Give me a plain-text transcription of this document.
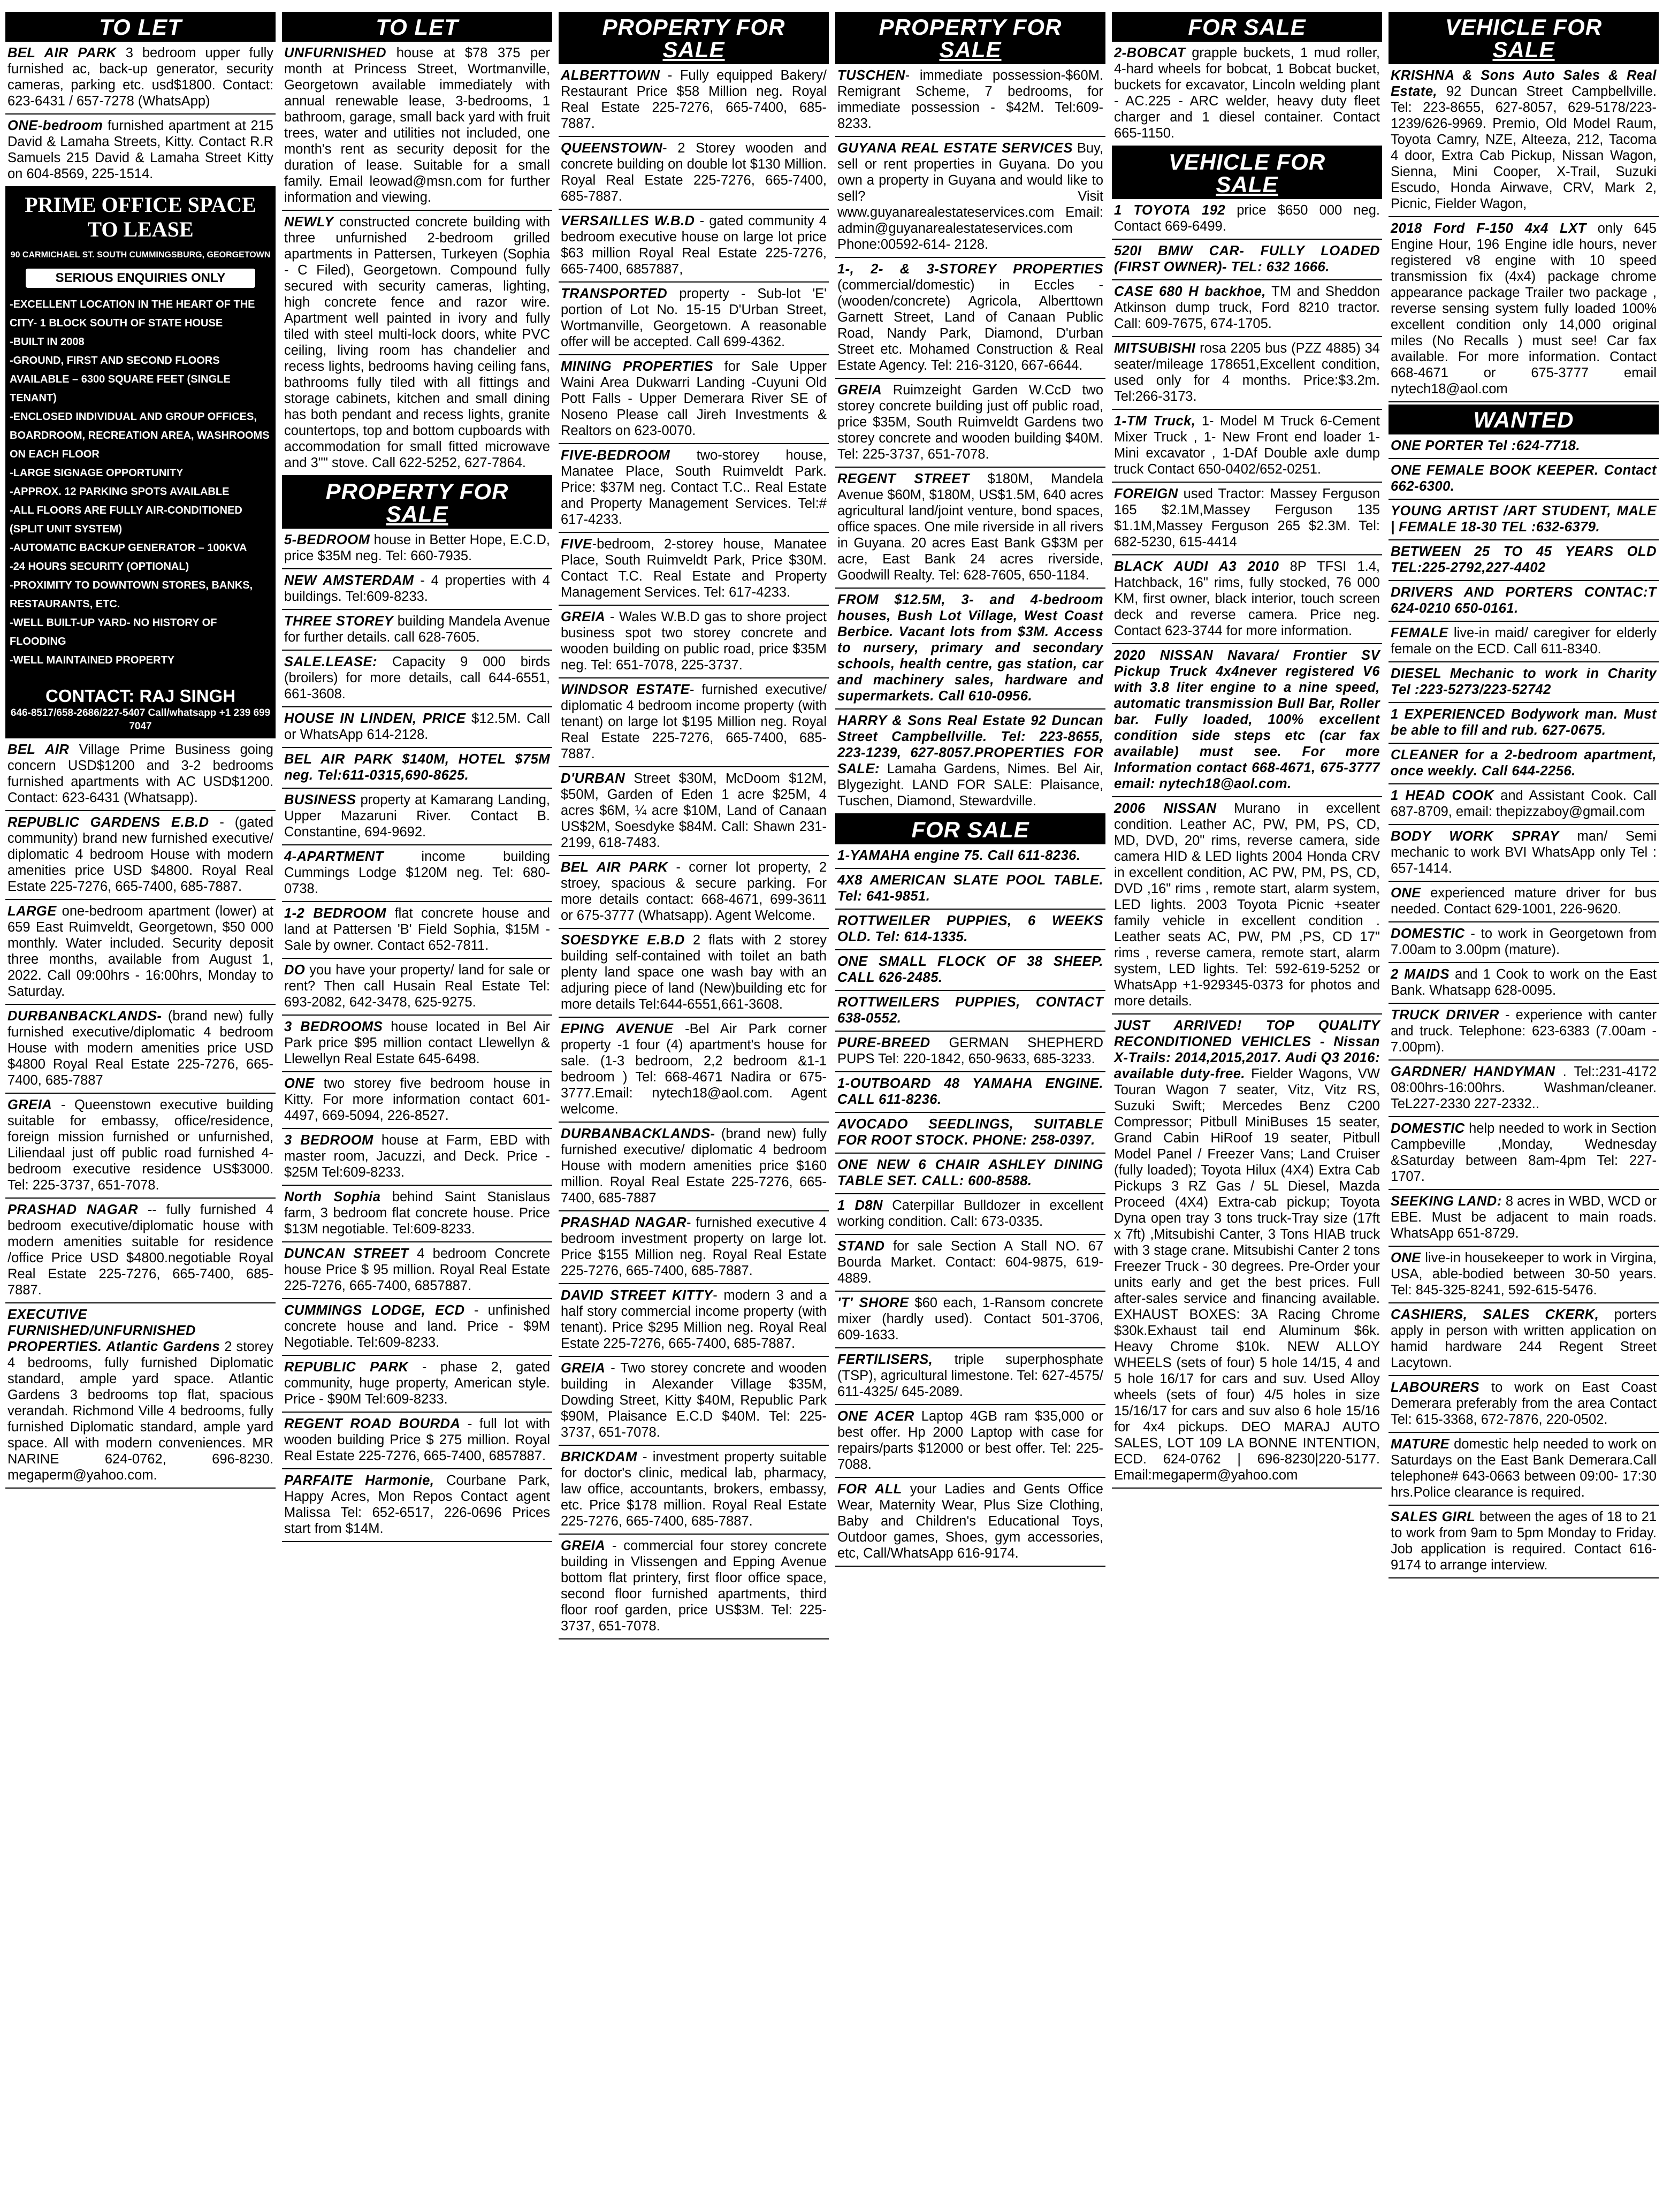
TO LET

BEL AIR PARK 3 bedroom upper fully furnished ac, back-up generator, security cameras, parking etc. usd$1800. Contact: 623-6431 / 657-7278 (WhatsApp)

ONE-bedroom furnished apartment at 215 David & Lamaha Streets, Kitty. Contact R.R Samuels 215 David & Lamaha Street Kitty on 604-8569, 225-1514.

PRIME OFFICE SPACE TO LEASE
90 CARMICHAEL ST. SOUTH CUMMINGSBURG, GEORGETOWN
SERIOUS ENQUIRIES ONLY
-EXCELLENT LOCATION IN THE HEART OF THE CITY- 1 BLOCK SOUTH OF STATE HOUSE
-BUILT IN 2008
-GROUND, FIRST AND SECOND FLOORS AVAILABLE – 6300 SQUARE FEET (SINGLE TENANT)
-ENCLOSED INDIVIDUAL AND GROUP OFFICES, BOARDROOM, RECREATION AREA, WASHROOMS ON EACH FLOOR
-LARGE SIGNAGE OPPORTUNITY
-APPROX. 12 PARKING SPOTS AVAILABLE
-ALL FLOORS ARE FULLY AIR-CONDITIONED (SPLIT UNIT SYSTEM)
-AUTOMATIC BACKUP GENERATOR – 100KVA
-24 HOURS SECURITY (OPTIONAL)
-PROXIMITY TO DOWNTOWN STORES, BANKS, RESTAURANTS, ETC.
-WELL BUILT-UP YARD- NO HISTORY OF FLOODING
-WELL MAINTAINED PROPERTY
CONTACT: RAJ SINGH
646-8517/658-2686/227-5407 Call/whatsapp +1 239 699 7047

BEL AIR Village Prime Business going concern USD$1200 and 3-2 bedrooms furnished apartments with AC USD$1200. Contact: 623-6431 (Whatsapp).

REPUBLIC GARDENS E.B.D - (gated community) brand new furnished executive/ diplomatic 4 bedroom House with modern amenities price USD $4800. Royal Real Estate 225-7276, 665-7400, 685-7887.

LARGE one-bedroom apartment (lower) at 659 East Ruimveldt, Georgetown, $50 000 monthly. Water included. Security deposit three months, available from August 1, 2022. Call 09:00hrs - 16:00hrs, Monday to Saturday.

DURBANBACKLANDS- (brand new) fully furnished executive/diplomatic 4 bedroom House with modern amenities price USD $4800 Royal Real Estate 225-7276, 665-7400, 685-7887

GREIA - Queenstown executive building suitable for embassy, office/residence, foreign mission furnished or unfurnished, Liliendaal just off public road furnished 4-bedroom executive residence US$3000. Tel: 225-3737, 651-7078.

PRASHAD NAGAR -- fully furnished 4 bedroom executive/diplomatic house with modern amenities suitable for residence /office Price USD $4800.negotiable Royal Real Estate 225-7276, 665-7400, 685-7887.

EXECUTIVE FURNISHED/UNFURNISHED PROPERTIES. Atlantic Gardens 2 storey 4 bedrooms, fully furnished Diplomatic standard, ample yard space. Atlantic Gardens 3 bedrooms top flat, spacious verandah. Richmond Ville 4 bedrooms, fully furnished Diplomatic standard, ample yard space. All with modern conveniences. MR NARINE 624-0762, 696-8230. megaperm@yahoo.com.

TO LET

UNFURNISHED house at $78 375 per month at Princess Street, Wortmanville, Georgetown available immediately with annual renewable lease, 3-bedrooms, 1 bathroom, garage, small back yard with fruit trees, water and utilities not included, one month's rent as security deposit for the duration of lease. Suitable for a small family. Email leowad@msn.com for further information and viewing.

NEWLY constructed concrete building with three unfurnished 2-bedroom grilled apartments in Pattersen, Turkeyen (Sophia - C Filed), Georgetown. Compound fully secured with security cameras, lighting, high concrete fence and razor wire. Apartment well painted in ivory and fully tiled with steel multi-lock doors, white PVC ceiling, living room has chandelier and recess lights, bedrooms having ceiling fans, bathrooms fully tiled with all fittings and storage cabinets, kitchen and small dining has both pendant and recess lights, granite countertops, top and bottom cupboards with accommodation for small fitted microwave and 3"" stove. Call 622-5252, 627-7864.

PROPERTY FOR
SALE

5-BEDROOM house in Better Hope, E.C.D, price $35M neg. Tel: 660-7935.

NEW AMSTERDAM - 4 properties with 4 buildings. Tel:609-8233.

THREE STOREY building Mandela Avenue for further details. call 628-7605.

SALE.LEASE: Capacity 9 000 birds (broilers) for more details, call 644-6551, 661-3608.

HOUSE IN LINDEN, PRICE $12.5M. Call or WhatsApp 614-2128.

BEL AIR PARK $140M, HOTEL $75M neg. Tel:611-0315,690-8625.

BUSINESS property at Kamarang Landing, Upper Mazaruni River. Contact B. Constantine, 694-9692.

4-APARTMENT income building Cummings Lodge $120M neg. Tel: 680-0738.

1-2 BEDROOM flat concrete house and land at Pattersen 'B' Field Sophia, $15M - Sale by owner. Contact 652-7811.

DO you have your property/ land for sale or rent? Then call Husain Real Estate Tel: 693-2082, 642-3478, 625-9275.

3 BEDROOMS house located in Bel Air Park price $95 million contact Llewellyn & Llewellyn Real Estate 645-6498.

ONE two storey five bedroom house in Kitty. For more information contact 601-4497, 669-5094, 226-8527.

3 BEDROOM house at Farm, EBD with master room, Jacuzzi, and Deck. Price - $25M Tel:609-8233.

North Sophia behind Saint Stanislaus farm, 3 bedroom flat concrete house. Price $13M negotiable. Tel:609-8233.

DUNCAN STREET 4 bedroom Concrete house Price $ 95 million. Royal Real Estate 225-7276, 665-7400, 6857887.

CUMMINGS LODGE, ECD - unfinished concrete house and land. Price - $9M Negotiable. Tel:609-8233.

REPUBLIC PARK - phase 2, gated community, huge property, American style. Price - $90M Tel:609-8233.

REGENT ROAD BOURDA - full lot with wooden building Price $ 275 million. Royal Real Estate 225-7276, 665-7400, 6857887.

PARFAITE Harmonie, Courbane Park, Happy Acres, Mon Repos Contact agent Malissa Tel: 652-6517, 226-0696 Prices start from $14M.

PROPERTY FOR
SALE

ALBERTTOWN - Fully equipped Bakery/ Restaurant Price $58 Million neg. Royal Real Estate 225-7276, 665-7400, 685-7887.

QUEENSTOWN- 2 Storey wooden and concrete building on double lot $130 Million. Royal Real Estate 225-7276, 665-7400, 685-7887.

VERSAILLES W.B.D - gated community 4 bedroom executive house on large lot price $63 million Royal Real Estate 225-7276, 665-7400, 6857887,

TRANSPORTED property - Sub-lot 'E' portion of Lot No. 15-15 D'Urban Street, Wortmanville, Georgetown. A reasonable offer will be accepted. Call 699-4362.

MINING PROPERTIES for Sale Upper Waini Area Dukwarri Landing -Cuyuni Old Pott Falls - Upper Demerara River SE of Noseno Please call Jireh Investments & Realtors on 623-0070.

FIVE-BEDROOM two-storey house, Manatee Place, South Ruimveldt Park. Price: $37M neg. Contact T.C.. Real Estate and Property Management Services. Tel:# 617-4233.

FIVE-bedroom, 2-storey house, Manatee Place, South Ruimveldt Park, Price $30M. Contact T.C. Real Estate and Property Management Services. Tel: 617-4233.

GREIA - Wales W.B.D gas to shore project business spot two storey concrete and wooden building on public road, price $35M neg. Tel: 651-7078, 225-3737.

WINDSOR ESTATE- furnished executive/ diplomatic 4 bedroom income property (with tenant) on large lot $195 Million neg. Royal Real Estate 225-7276, 665-7400, 685-7887.

D'URBAN Street $30M, McDoom $12M, $50M, Garden of Eden 1 acre $25M, 4 acres $6M, ¼ acre $10M, Land of Canaan US$2M, Soesdyke $84M. Call: Shawn 231-2199, 618-7483.

BEL AIR PARK - corner lot property, 2 stroey, spacious & secure parking. For more details contact: 668-4671, 699-3611 or 675-3777 (Whatsapp). Agent Welcome.

SOESDYKE E.B.D 2 flats with 2 storey building self-contained with toilet an bath plenty land space one wash bay with an adjuring piece of land (New)building etc for more details Tel:644-6551,661-3608.

EPING AVENUE -Bel Air Park corner property -1 four (4) apartment's house for sale. (1-3 bedroom, 2,2 bedroom &1-1 bedroom ) Tel: 668-4671 Nadira or 675-3777.Email: nytech18@aol.com. Agent welcome.

DURBANBACKLANDS- (brand new) fully furnished executive/ diplomatic 4 bedroom House with modern amenities price $160 million. Royal Real Estate 225-7276, 665-7400, 685-7887

PRASHAD NAGAR- furnished executive 4 bedroom investment property on large lot. Price $155 Million neg. Royal Real Estate 225-7276, 665-7400, 685-7887.

DAVID STREET KITTY- modern 3 and a half story commercial income property (with tenant). Price $295 Million neg. Royal Real Estate 225-7276, 665-7400, 685-7887.

GREIA - Two storey concrete and wooden building in Alexander Village $35M, Dowding Street, Kitty $40M, Republic Park $90M, Plaisance E.C.D $40M. Tel: 225-3737, 651-7078.

BRICKDAM - investment property suitable for doctor's clinic, medical lab, pharmacy, law office, accountants, brokers, embassy, etc. Price $178 million. Royal Real Estate 225-7276, 665-7400, 685-7887.

GREIA - commercial four storey concrete building in Vlissengen and Epping Avenue bottom flat printery, first floor office space, second floor furnished apartments, third floor roof garden, price US$3M. Tel: 225-3737, 651-7078.

PROPERTY FOR
SALE

TUSCHEN- immediate possession-$60M. Remigrant Scheme, 7 bedrooms, for immediate possession - $42M. Tel:609-8233.

GUYANA REAL ESTATE SERVICES Buy, sell or rent properties in Guyana. Do you own a property in Guyana and would like to sell? Visit www.guyanarealestateservices.com Email: admin@guyanarealestateservices.com Phone:00592-614- 2128.

1-, 2- & 3-STOREY PROPERTIES (commercial/domestic) in Eccles - (wooden/concrete) Agricola, Alberttown Garnett Street, Land of Canaan Public Road, Nandy Park, Diamond, D'urban Street etc. Mohamed Construction & Real Estate Agency. Tel: 216-3120, 667-6644.

GREIA Ruimzeight Garden W.CcD two storey concrete building just off public road, price $35M, South Ruimveldt Gardens two storey concrete and wooden building $40M. Tel: 225-3737, 651-7078.

REGENT STREET $180M, Mandela Avenue $60M, $180M, US$1.5M, 640 acres agricultural land/joint venture, bond spaces, office spaces. One mile riverside in all rivers in Guyana. 20 acres East Bank G$3M per acre, East Bank 24 acres riverside, Goodwill Realty. Tel: 628-7605, 650-1184.

FROM $12.5M, 3- and 4-bedroom houses, Bush Lot Village, West Coast Berbice. Vacant lots from $3M. Access to nursery, primary and secondary schools, health centre, gas station, car and machinery sales, hardware and supermarkets. Call 610-0956.

HARRY & Sons Real Estate 92 Duncan Street Campbellville. Tel: 223-8655, 223-1239, 627-8057.PROPERTIES FOR SALE: Lamaha Gardens, Nimes. Bel Air, Blygezight. LAND FOR SALE: Plaisance, Tuschen, Diamond, Stewardville.

FOR SALE

1-YAMAHA engine 75. Call 611-8236.

4X8 AMERICAN SLATE POOL TABLE. Tel: 641-9851.

ROTTWEILER PUPPIES, 6 WEEKS OLD. Tel: 614-1335.

ONE SMALL FLOCK OF 38 SHEEP. CALL 626-2485.

ROTTWEILERS PUPPIES, CONTACT 638-0552.

PURE-BREED GERMAN SHEPHERD PUPS Tel: 220-1842, 650-9633, 685-3233.

1-OUTBOARD 48 YAMAHA ENGINE. CALL 611-8236.

AVOCADO SEEDLINGS, SUITABLE FOR ROOT STOCK. PHONE: 258-0397.

ONE NEW 6 CHAIR ASHLEY DINING TABLE SET. CALL: 600-8588.

1 D8N Caterpillar Bulldozer in excellent working condition. Call: 673-0335.

STAND for sale Section A Stall NO. 67 Bourda Market. Contact: 604-9875, 619-4889.

'T' SHORE $60 each, 1-Ransom concrete mixer (hardly used). Contact 501-3706, 609-1633.

FERTILISERS, triple superphosphate (TSP), agricultural limestone. Tel: 627-4575/ 611-4325/ 645-2089.

ONE ACER Laptop 4GB ram $35,000 or best offer. Hp 2000 Laptop with case for repairs/parts $12000 or best offer. Tel: 225-7088.

FOR ALL your Ladies and Gents Office Wear, Maternity Wear, Plus Size Clothing, Baby and Children's Educational Toys, Outdoor games, Shoes, gym accessories, etc, Call/WhatsApp 616-9174.

FOR SALE

2-BOBCAT grapple buckets, 1 mud roller, 4-hard wheels for bobcat, 1 Bobcat bucket, buckets for excavator, Lincoln welding plant - AC.225 - ARC welder, heavy duty fleet charger and 1 diesel container. Contact 665-1150.

VEHICLE FOR
SALE

1 TOYOTA 192 price $650 000 neg. Contact 669-6499.

520I BMW CAR- FULLY LOADED (FIRST OWNER)- TEL: 632 1666.

CASE 680 H backhoe, TM and Sheddon Atkinson dump truck, Ford 8210 tractor. Call: 609-7675, 674-1705.

MITSUBISHI rosa 2205 bus (PZZ 4885) 34 seater/mileage 178651,Excellent condition, used only for 4 months. Price:$3.2m. Tel:266-3173.

1-TM Truck, 1- Model M Truck 6-Cement Mixer Truck , 1- New Front end loader 1-Mini excavator , 1-DAf Double axle dump truck Contact 650-0402/652-0251.

FOREIGN used Tractor: Massey Ferguson 165 $2.1M,Massey Ferguson 135 $1.1M,Massey Ferguson 265 $2.3M. Tel: 682-5230, 615-4414

BLACK AUDI A3 2010 8P TFSI 1.4, Hatchback, 16" rims, fully stocked, 76 000 KM, first owner, black interior, touch screen deck and reverse camera. Price neg. Contact 623-3744 for more information.

2020 NISSAN Navara/ Frontier SV Pickup Truck 4x4never registered V6 with 3.8 liter engine to a nine speed, automatic transmission Bull Bar, Roller bar. Fully loaded, 100% excellent condition side steps etc (car fax available) must see. For more Information contact 668-4671, 675-3777 email: nytech18@aol.com.

2006 NISSAN Murano in excellent condition. Leather AC, PW, PM, PS, CD, MD, DVD, 20" rims, reverse camera, side camera HID & LED lights 2004 Honda CRV in excellent condition, AC PW, PM, PS, CD, DVD ,16" rims , remote start, alarm system, LED lights. 2003 Toyota Picnic +seater family vehicle in excellent condition . Leather seats AC, PW, PM ,PS, CD 17" rims , reverse camera, remote start, alarm system, LED lights. Tel: 592-619-5252 or WhatsApp +1-929345-0373 for photos and more details.

JUST ARRIVED! TOP QUALITY RECONDITIONED VEHICLES - Nissan X-Trails: 2014,2015,2017. Audi Q3 2016: available duty-free. Fielder Wagons, VW Touran Wagon 7 seater, Vitz, Vitz RS, Suzuki Swift; Mercedes Benz C200 Compressor; Pitbull MiniBuses 15 seater, Grand Cabin HiRoof 19 seater, Pitbull Model Panel / Freezer Vans; Land Cruiser (fully loaded); Toyota Hilux (4X4) Extra Cab Pickups 3 RZ Gas / 5L Diesel, Mazda Proceed (4X4) Extra-cab pickup; Toyota Dyna open tray 3 tons truck-Tray size (17ft x 7ft) ,Mitsubishi Canter, 3 Tons HIAB truck with 3 stage crane. Mitsubishi Canter 2 tons Freezer Truck - 30 degrees. Pre-Order your units early and get the best prices. Full after-sales service and financing available. EXHAUST BOXES: 3A Racing Chrome $30k.Exhaust tail end Aluminum $6k. Heavy Chrome $10k. NEW ALLOY WHEELS (sets of four) 5 hole 14/15, 4 and 5 hole 16/17 for cars and suv. Used Alloy wheels (sets of four) 4/5 holes in size 15/16/17 for cars and suv also 6 hole 15/16 for 4x4 pickups. DEO MARAJ AUTO SALES, LOT 109 LA BONNE INTENTION, ECD. 624-0762 | 696-8230|220-5177. Email:megaperm@yahoo.com

VEHICLE FOR
SALE

KRISHNA & Sons Auto Sales & Real Estate, 92 Duncan Street Campbellville. Tel: 223-8655, 627-8057, 629-5178/223-1239/626-9969. Premio, Old Model Raum, Toyota Camry, NZE, Alteeza, 212, Tacoma 4 door, Extra Cab Pickup, Nissan Wagon, Sienna, Mini Cooper, X-Trail, Suzuki Escudo, Honda Airwave, CRV, Mark 2, Picnic, Fielder Wagon,

2018 Ford F-150 4x4 LXT only 645 Engine Hour, 196 Engine idle hours, never registered v8 engine with 10 speed transmission fix (4x4) package chrome appearance package Trailer two package , reverse sensing system fully loaded 100% excellent condition only 14,000 original miles (No Recalls ) must see! Car fax available. For more information. Contact 668-4671 or 675-3777 email nytech18@aol.com

WANTED

ONE PORTER Tel :624-7718.

ONE FEMALE BOOK KEEPER. Contact 662-6300.

YOUNG ARTIST /ART STUDENT, MALE | FEMALE 18-30 TEL :632-6379.

BETWEEN 25 TO 45 YEARS OLD TEL:225-2792,227-4402

DRIVERS AND PORTERS CONTAC:T 624-0210 650-0161.

FEMALE live-in maid/ caregiver for elderly female on the ECD. Call 611-8340.

DIESEL Mechanic to work in Charity Tel :223-5273/223-52742

1 EXPERIENCED Bodywork man. Must be able to fill and rub. 627-0675.

CLEANER for a 2-bedroom apartment, once weekly. Call 644-2256.

1 HEAD COOK and Assistant Cook. Call 687-8709, email: thepizzaboy@gmail.com

BODY WORK SPRAY man/ Semi mechanic to work BVI WhatsApp only Tel : 657-1414.

ONE experienced mature driver for bus needed. Contact 629-1001, 226-9620.

DOMESTIC - to work in Georgetown from 7.00am to 3.00pm (mature).

2 MAIDS and 1 Cook to work on the East Bank. Whatsapp 628-0095.

TRUCK DRIVER - experience with canter and truck. Telephone: 623-6383 (7.00am - 7.00pm).

GARDNER/ HANDYMAN . Tel::231-4172 08:00hrs-16:00hrs. Washman/cleaner. TeL227-2330 227-2332..

DOMESTIC help needed to work in Section Campbeville ,Monday, Wednesday &Saturday between 8am-4pm Tel: 227-1707.

SEEKING LAND: 8 acres in WBD, WCD or EBE. Must be adjacent to main roads. WhatsApp 651-8729.

ONE live-in housekeeper to work in Virgina, USA, able-bodied between 30-50 years. Tel: 845-325-8241, 592-615-5476.

CASHIERS, SALES CKERK, porters apply in person with written application on hamid hardware 244 Regent Street Lacytown.

LABOURERS to work on East Coast Demerara preferably from the area Contact Tel: 615-3368, 672-7876, 220-0502.

MATURE domestic help needed to work on Saturdays on the East Bank Demerara.Call telephone# 643-0663 between 09:00- 17:30 hrs.Police clearance is required.

SALES GIRL between the ages of 18 to 21 to work from 9am to 5pm Monday to Friday. Job application is required. Contact 616-9174 to arrange interview.
